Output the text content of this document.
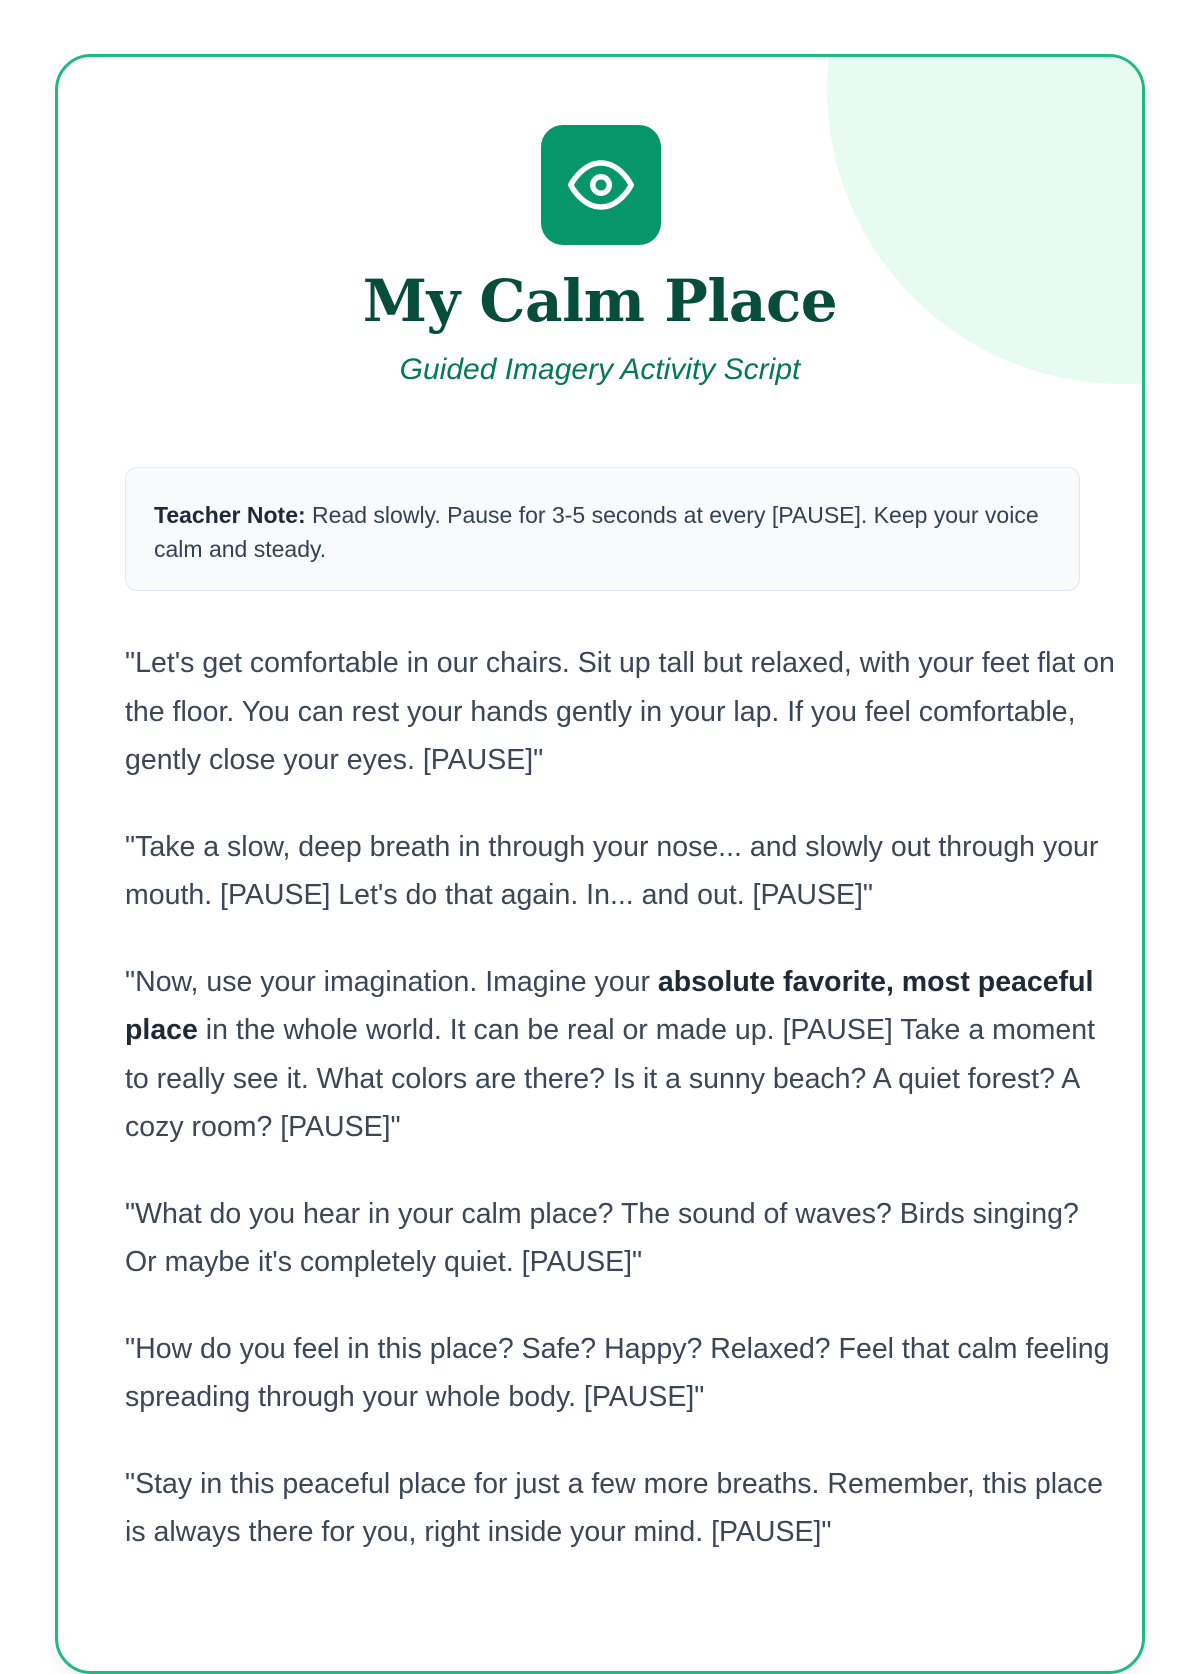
My Calm Place
Guided Imagery Activity Script
Teacher Note: Read slowly. Pause for 3-5 seconds at every [PAUSE]. Keep your voice calm and steady.

"Let's get comfortable in our chairs. Sit up tall but relaxed, with your feet flat on the floor. You can rest your hands gently in your lap. If you feel comfortable, gently close your eyes. [PAUSE]"

"Take a slow, deep breath in through your nose... and slowly out through your mouth. [PAUSE] Let's do that again. In... and out. [PAUSE]"

"Now, use your imagination. Imagine your absolute favorite, most peaceful place in the whole world. It can be real or made up. [PAUSE] Take a moment to really see it. What colors are there? Is it a sunny beach? A quiet forest? A cozy room? [PAUSE]"

"What do you hear in your calm place? The sound of waves? Birds singing? Or maybe it's completely quiet. [PAUSE]"

"How do you feel in this place? Safe? Happy? Relaxed? Feel that calm feeling spreading through your whole body. [PAUSE]"

"Stay in this peaceful place for just a few more breaths. Remember, this place is always there for you, right inside your mind. [PAUSE]"
